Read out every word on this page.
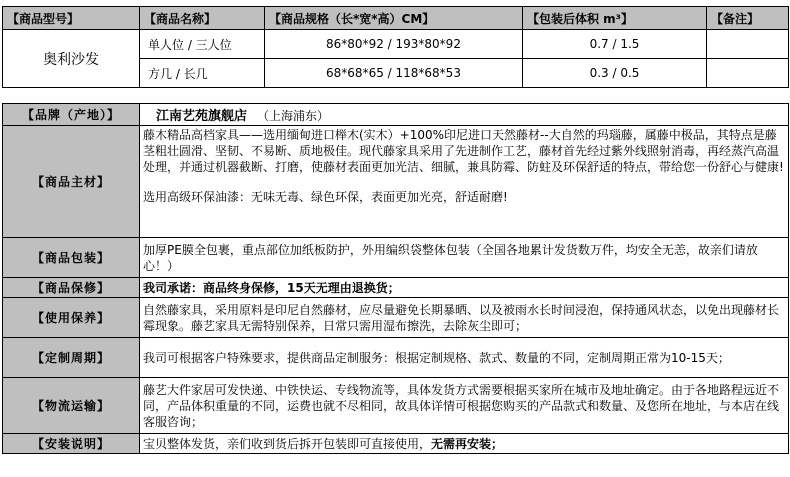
【商品型号】	【商品名称】	【商品规格（长*宽*高）CM】	【包装后体积 m³】	【备注】
奥利沙发	单人位 / 三人位	86*80*92 / 193*80*92	0.7 / 1.5	
	方几 / 长几	68*68*65 / 118*68*53	0.3 / 0.5	
【品牌（产地）】	江南艺苑旗舰店 （上海浦东）
【商品主材】	藤木精品高档家具——选用缅甸进口榉木(实木）+100%印尼进口天然藤材--大自然的玛瑙藤，属藤中极品，其特点是藤茎粗壮圆滑、坚韧、不易断、质地极佳。现代藤家具采用了先进制作工艺，藤材首先经过紫外线照射消毒，再经蒸汽高温处理，并通过机器截断、打磨，使藤材表面更加光洁、细腻，兼具防霉、防蛀及环保舒适的特点，带给您一份舒心与健康!
选用高级环保油漆：无味无毒、绿色环保，表面更加光亮，舒适耐磨!

【商品包装】	加厚PE膜全包裹，重点部位加纸板防护，外用编织袋整体包装（全国各地累计发货数万件，均安全无恙，故亲们请放心！）
【商品保修】	我司承诺：商品终身保修，15天无理由退换货；
【使用保养】	自然藤家具，采用原料是印尼自然藤材，应尽量避免长期暴晒、以及被雨水长时间浸泡，保持通风状态，以免出现藤材长霉现象。藤艺家具无需特别保养，日常只需用湿布擦洗，去除灰尘即可；
【定制周期】	我司可根据客户特殊要求，提供商品定制服务：根据定制规格、款式、数量的不同，定制周期正常为10-15天；
【物流运输】	藤艺大件家居可发快递、中铁快运、专线物流等，具体发货方式需要根据买家所在城市及地址确定。由于各地路程远近不同，产品体积重量的不同，运费也就不尽相同，故具体详情可根据您购买的产品款式和数量、及您所在地址，与本店在线客服咨询；
【安装说明】	宝贝整体发货，亲们收到货后拆开包装即可直接使用，无需再安装；
